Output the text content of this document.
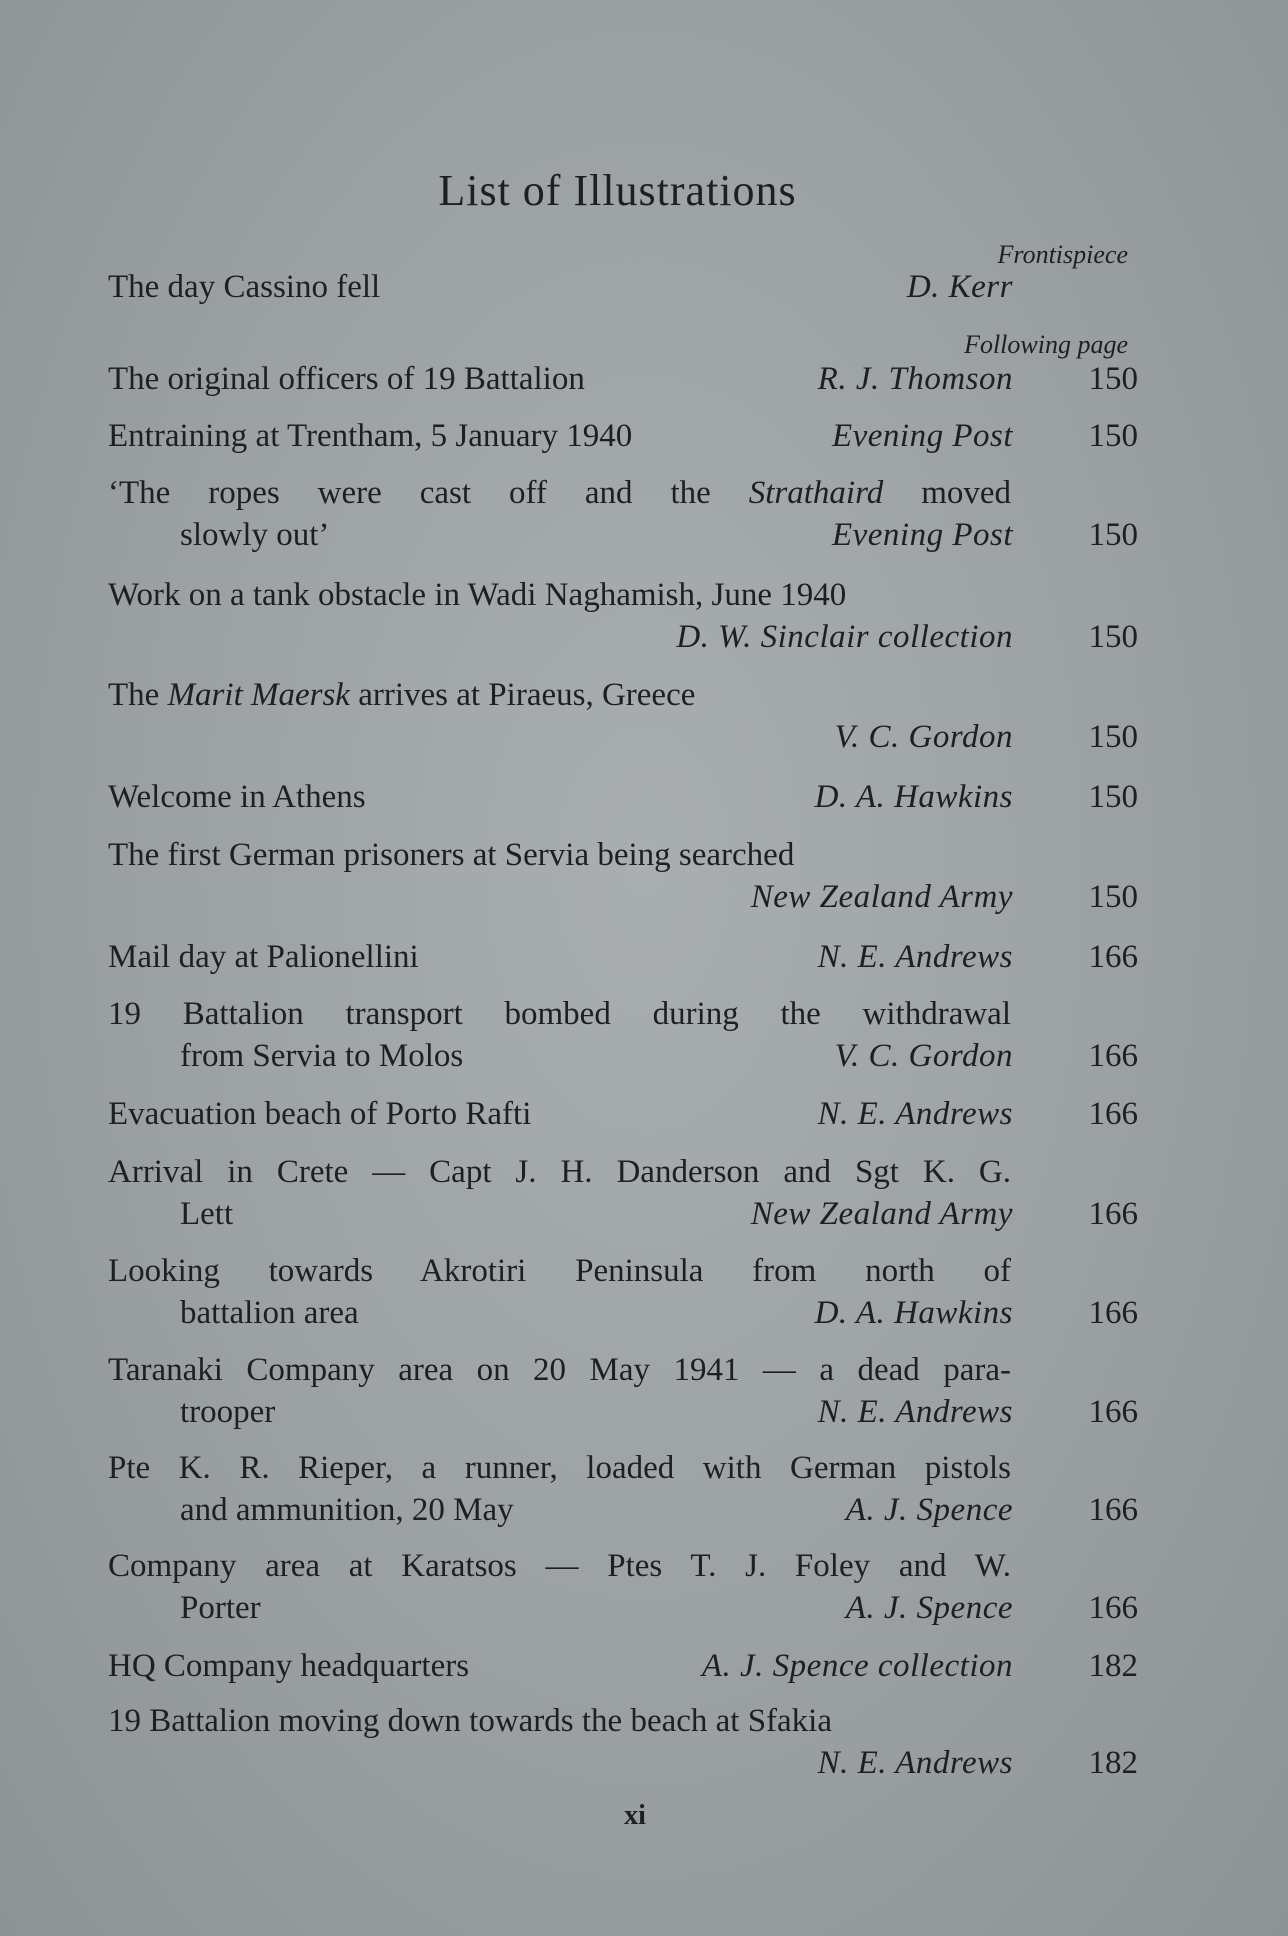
List of Illustrations
Frontispiece
The day Cassino fell	D. Kerr
Following page
The original officers of 19 Battalion	R. J. Thomson	150
Entraining at Trentham, 5 January 1940	Evening Post	150
‘The ropes were cast off and the Strathaird moved
slowly out’	Evening Post	150
Work on a tank obstacle in Wadi Naghamish, June 1940
D. W. Sinclair collection	150
The Marit Maersk arrives at Piraeus, Greece
V. C. Gordon	150
Welcome in Athens	D. A. Hawkins	150
The first German prisoners at Servia being searched
New Zealand Army	150
Mail day at Palionellini	N. E. Andrews	166
19 Battalion transport bombed during the withdrawal
from Servia to Molos	V. C. Gordon	166
Evacuation beach of Porto Rafti	N. E. Andrews	166
Arrival in Crete — Capt J. H. Danderson and Sgt K. G.
Lett	New Zealand Army	166
Looking towards Akrotiri Peninsula from north of
battalion area	D. A. Hawkins	166
Taranaki Company area on 20 May 1941 — a dead para-
trooper	N. E. Andrews	166
Pte K. R. Rieper, a runner, loaded with German pistols
and ammunition, 20 May	A. J. Spence	166
Company area at Karatsos — Ptes T. J. Foley and W.
Porter	A. J. Spence	166
HQ Company headquarters	A. J. Spence collection	182
19 Battalion moving down towards the beach at Sfakia
N. E. Andrews	182
xi
